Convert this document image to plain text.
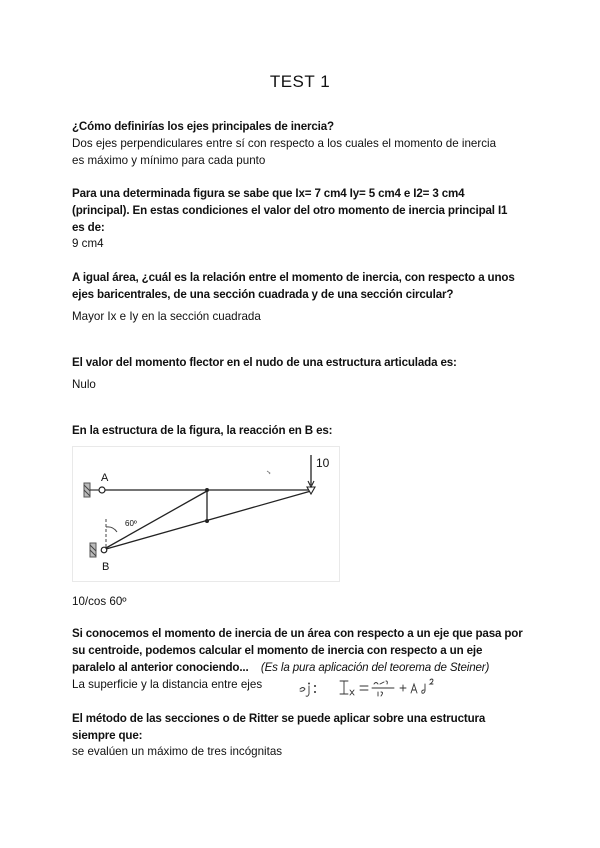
TEST 1
¿Cómo definirías los ejes principales de inercia?
Dos ejes perpendiculares entre sí con respecto a los cuales el momento de inercia
es máximo y mínimo para cada punto
Para una determinada figura se sabe que Ix= 7 cm4 Iy= 5 cm4 e I2= 3 cm4
(principal). En estas condiciones el valor del otro momento de inercia principal I1
es de:
9 cm4
A igual área, ¿cuál es la relación entre el momento de inercia, con respecto a unos
ejes baricentrales, de una sección cuadrada y de una sección circular?
Mayor Ix e Iy en la sección cuadrada
El valor del momento flector en el nudo de una estructura articulada es:
Nulo
En la estructura de la figura, la reacción en B es:
A
B
10
60º
10/cos 60º
Si conocemos el momento de inercia de un área con respecto a un eje que pasa por
su centroide, podemos calcular el momento de inercia con respecto a un eje
paralelo al anterior conociendo... (Es la pura aplicación del teorema de Steiner)
La superficie y la distancia entre ejes
El método de las secciones o de Ritter se puede aplicar sobre una estructura
siempre que:
se evalúen un máximo de tres incógnitas
